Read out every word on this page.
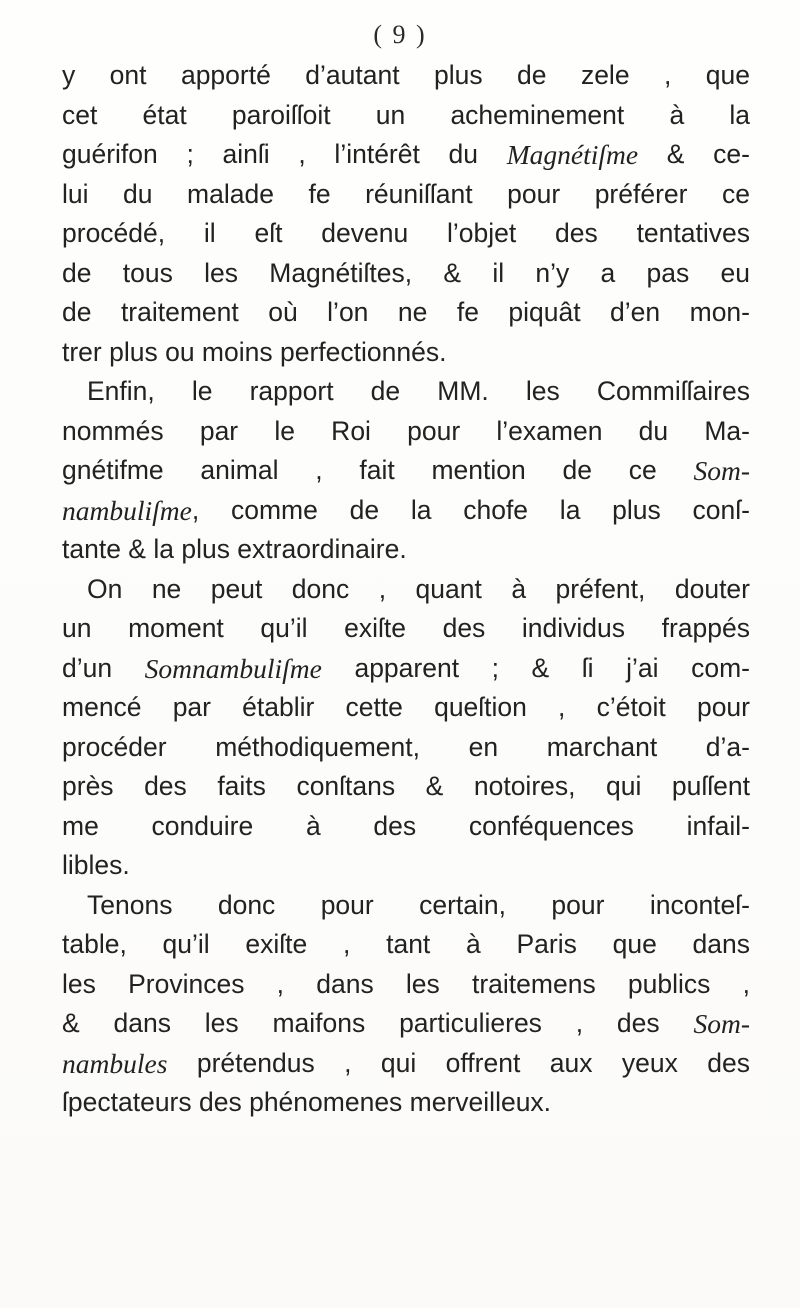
( 9 )
y ont apporté d’autant plus de zele , que
cet état paroiſſoit un acheminement à la
guérifon ; ainſi , l’intérêt du Magnétiſme & ce-
lui du malade fe réuniſſant pour préférer ce
procédé, il eſt devenu l’objet des tentatives
de tous les Magnétiſtes, & il n’y a pas eu
de traitement où l’on ne fe piquât d’en mon-
trer plus ou moins perfectionnés.
Enfin, le rapport de MM. les Commiſſaires
nommés par le Roi pour l’examen du Ma-
gnétifme animal , fait mention de ce Som-
nambuliſme , comme de la chofe la plus conſ-
tante & la plus extraordinaire.
On ne peut donc , quant à préfent, douter
un moment qu’il exiſte des individus frappés
d’un Somnambuliſme apparent ; & ſi j’ai com-
mencé par établir cette queſtion , c’étoit pour
procéder méthodiquement, en marchant d’a-
près des faits conſtans & notoires, qui puſſent
me conduire à des conféquences infail-
libles.
Tenons donc pour certain, pour inconteſ-
table, qu’il exiſte , tant à Paris que dans
les Provinces , dans les traitemens publics ,
& dans les maifons particulieres , des Som-
nambules prétendus , qui offrent aux yeux des
ſpectateurs des phénomenes merveilleux.
